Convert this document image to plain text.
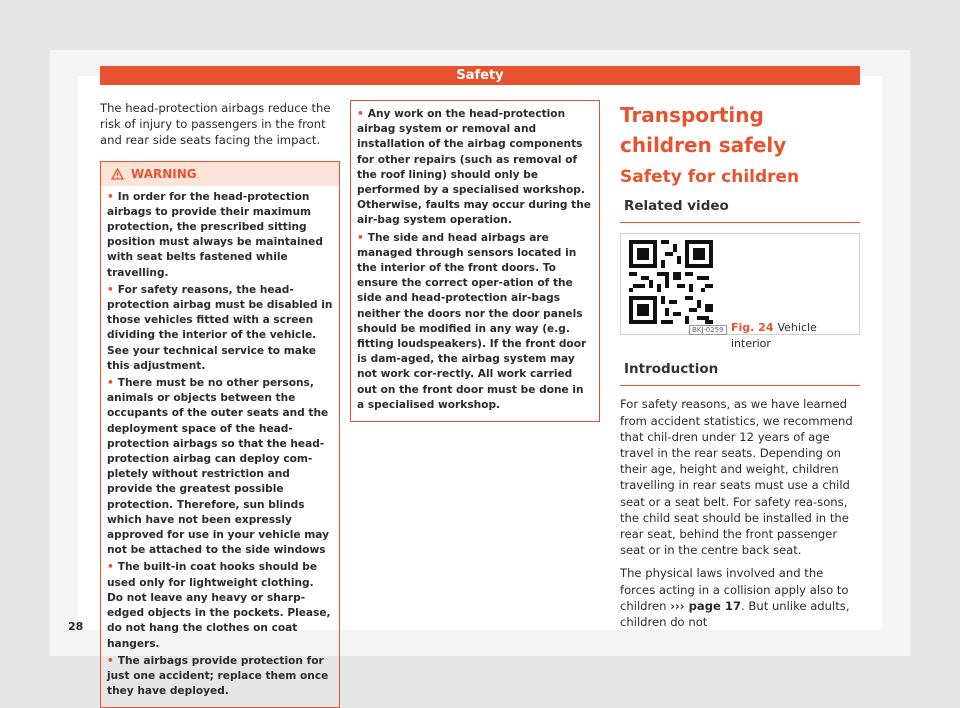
Safety

The head-protection airbags reduce the risk of injury to passengers in the front and rear side seats facing the impact.

WARNING
• In order for the head-protection airbags to provide their maximum protection, the prescribed sitting position must always be maintained with seat belts fastened while travelling.
• For safety reasons, the head-protection airbag must be disabled in those vehicles fitted with a screen dividing the interior of the vehicle. See your technical service to make this adjustment.
• There must be no other persons, animals or objects between the occupants of the outer seats and the deployment space of the head-protection airbags so that the head-protection airbag can deploy com-pletely without restriction and provide the greatest possible protection. Therefore, sun blinds which have not been expressly approved for use in your vehicle may not be attached to the side windows
• The built-in coat hooks should be used only for lightweight clothing. Do not leave any heavy or sharp-edged objects in the pockets. Please, do not hang the clothes on coat hangers.
• The airbags provide protection for just one accident; replace them once they have deployed.
• Any work on the head-protection airbag system or removal and installation of the airbag components for other repairs (such as removal of the roof lining) should only be performed by a specialised workshop. Otherwise, faults may occur during the air-bag system operation.
• The side and head airbags are managed through sensors located in the interior of the front doors. To ensure the correct oper-ation of the side and head-protection air-bags neither the doors nor the door panels should be modified in any way (e.g. fitting loudspeakers). If the front door is dam-aged, the airbag system may not work cor-rectly. All work carried out on the front door must be done in a specialised workshop.
Transporting children safely
Safety for children
Related video
BKJ-0259 Fig. 24 Vehicle interior
Introduction

For safety reasons, as we have learned from accident statistics, we recommend that chil-dren under 12 years of age travel in the rear seats. Depending on their age, height and weight, children travelling in rear seats must use a child seat or a seat belt. For safety rea-sons, the child seat should be installed in the rear seat, behind the front passenger seat or in the centre back seat.

The physical laws involved and the forces acting in a collision apply also to children ››› page 17. But unlike adults, children do not

28
